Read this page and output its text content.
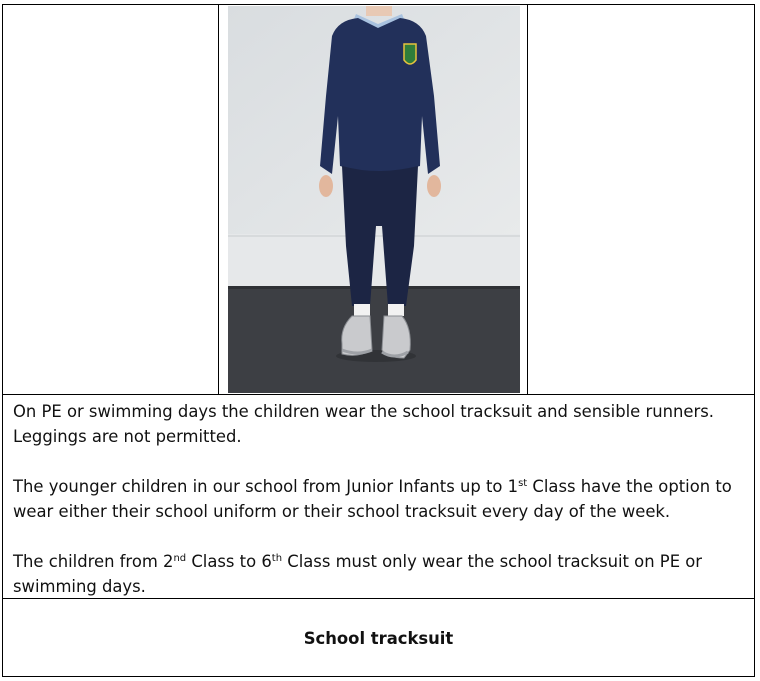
On PE or swimming days the children wear the school tracksuit and sensible runners. Leggings are not permitted.

The younger children in our school from Junior Infants up to 1st Class have the option to wear either their school uniform or their school tracksuit every day of the week.

The children from 2nd Class to 6th Class must only wear the school tracksuit on PE or swimming days.

School tracksuit
